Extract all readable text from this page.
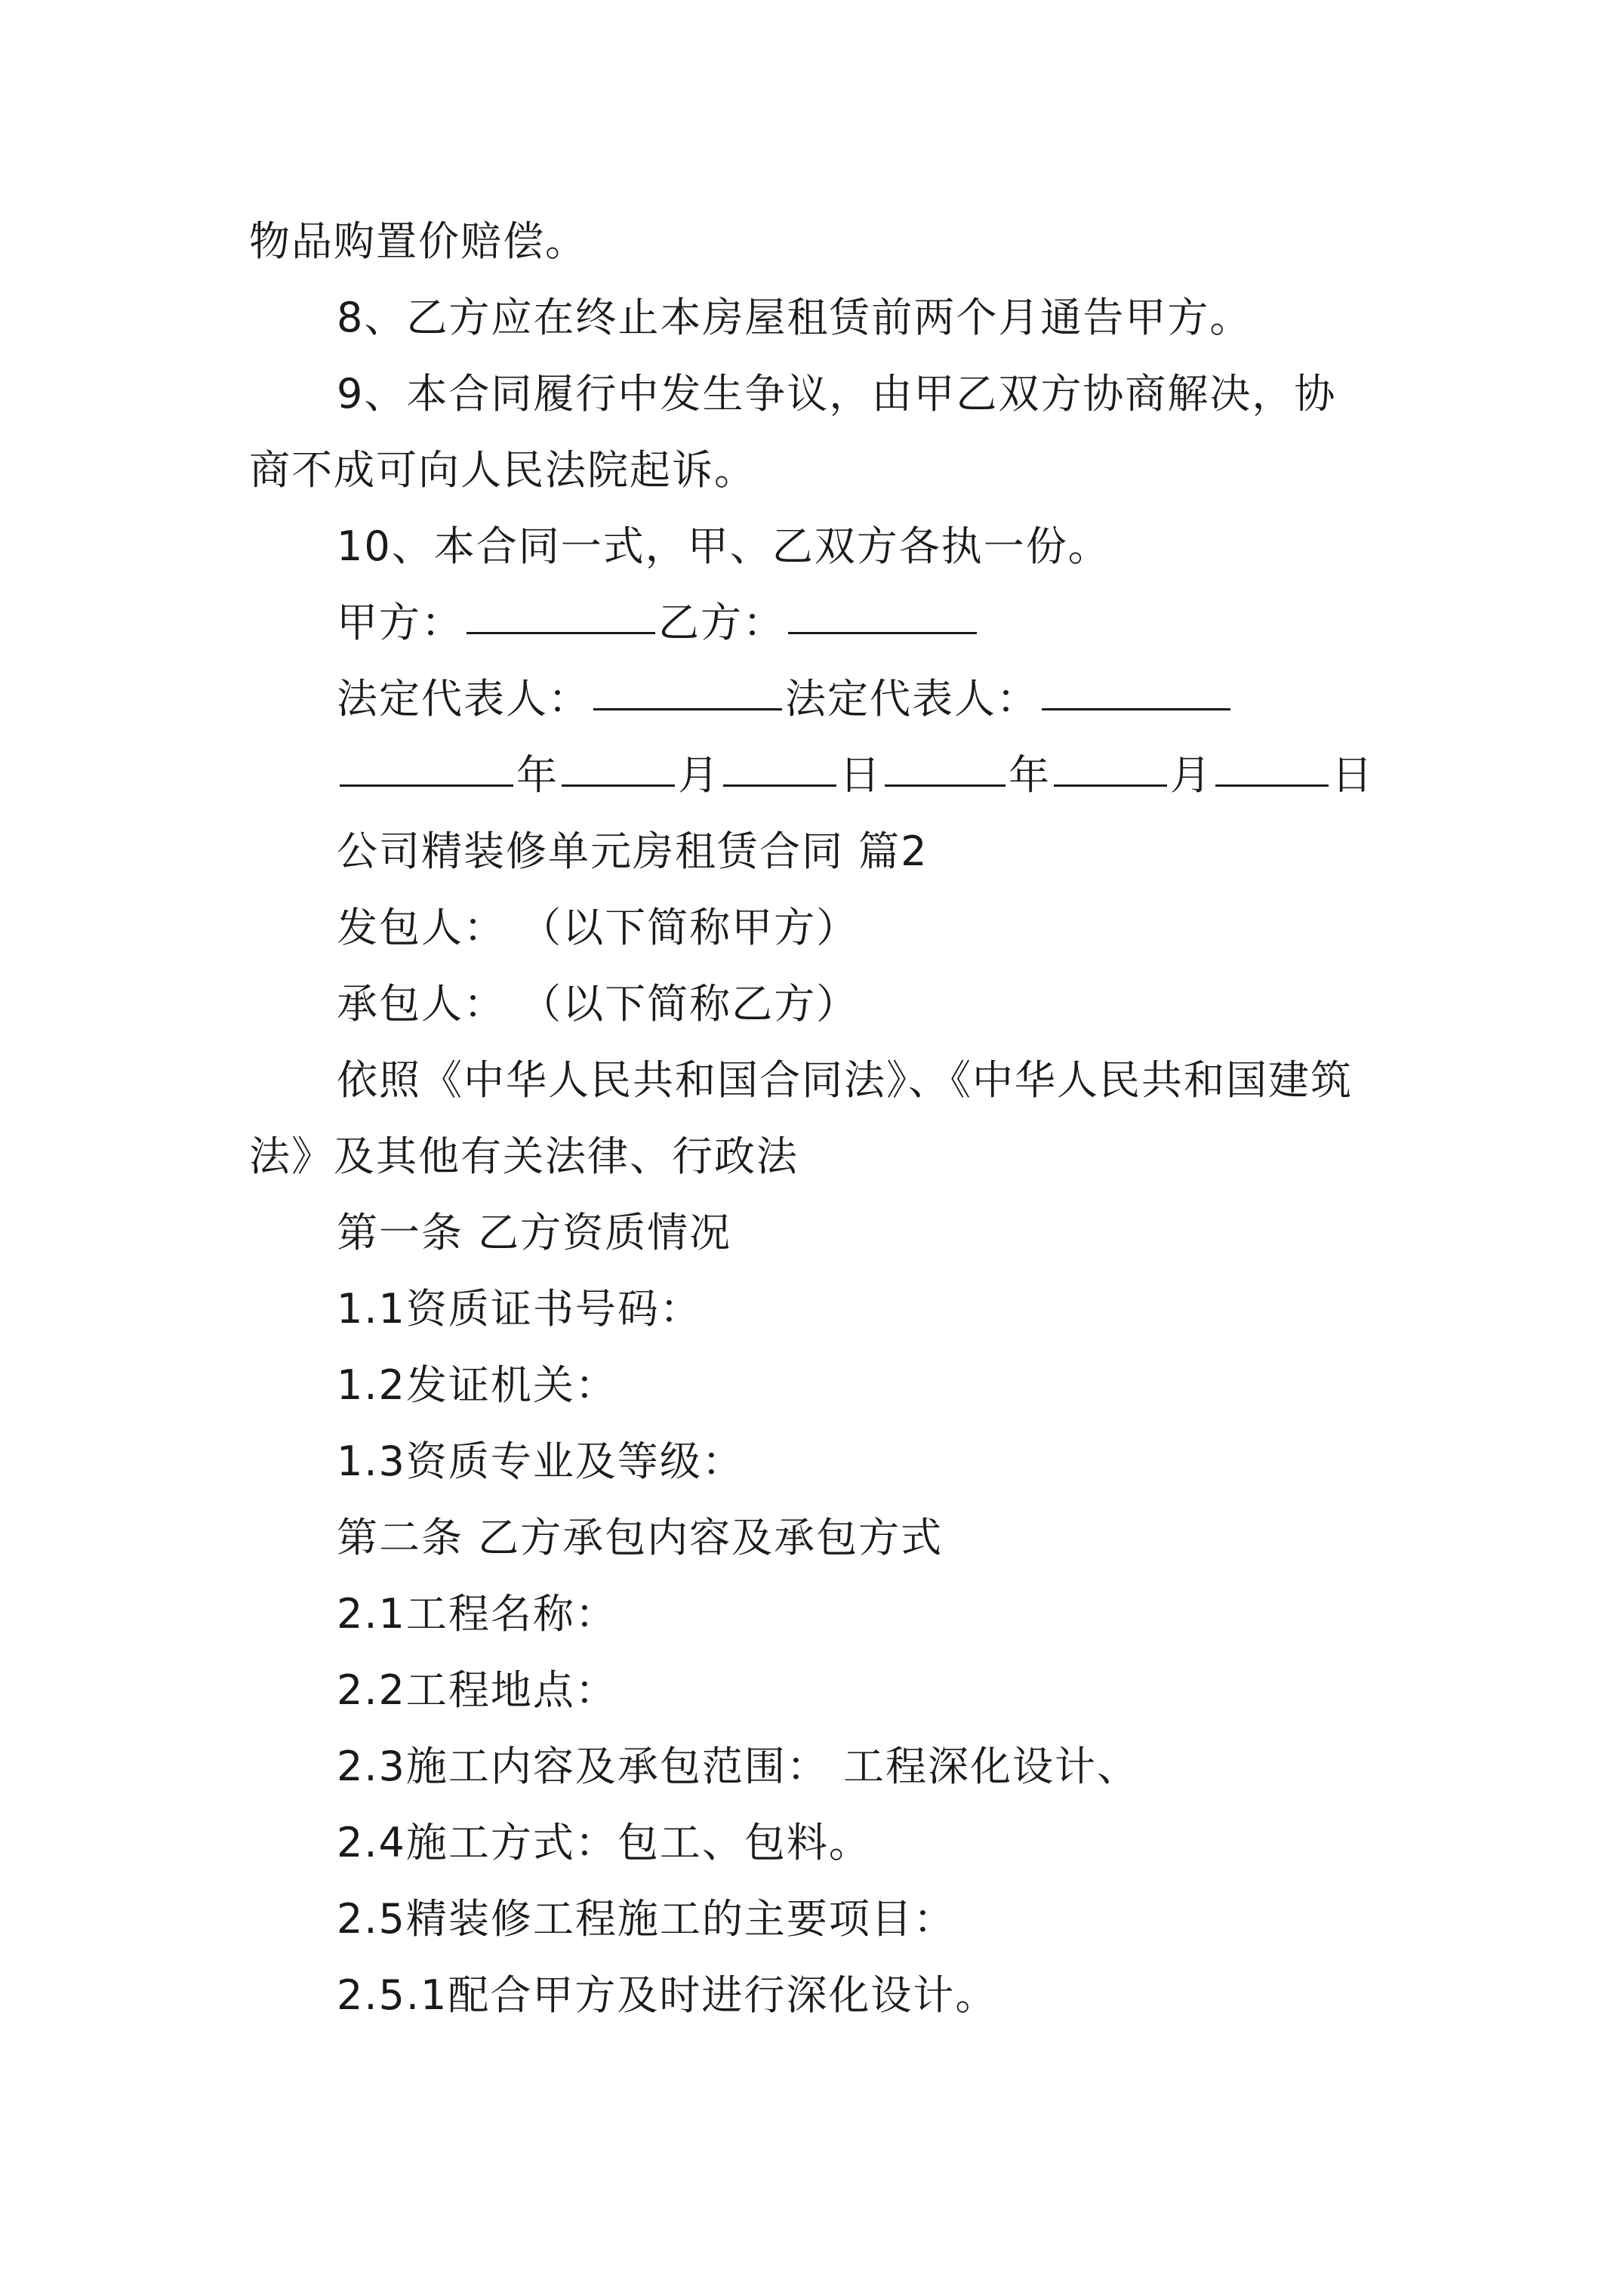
物品购置价赔偿。
8、乙方应在终止本房屋租赁前两个月通告甲方。
9、本合同履行中发生争议，由甲乙双方协商解决，协
商不成可向人民法院起诉。
10、本合同一式，甲、乙双方各执一份。
甲方：	乙方：
法定代表人：	法定代表人：
年	月	日	年	月	日
公司精装修单元房租赁合同 篇2
发包人： （以下简称甲方）
承包人： （以下简称乙方）
依照《中华人民共和国合同法》、《中华人民共和国建筑
法》及其他有关法律、行政法
第一条 乙方资质情况
1.1资质证书号码：
1.2发证机关：
1.3资质专业及等级：
第二条 乙方承包内容及承包方式
2.1工程名称：
2.2工程地点：
2.3施工内容及承包范围： 工程深化设计、
2.4施工方式：包工、包料。
2.5精装修工程施工的主要项目：
2.5.1配合甲方及时进行深化设计。
